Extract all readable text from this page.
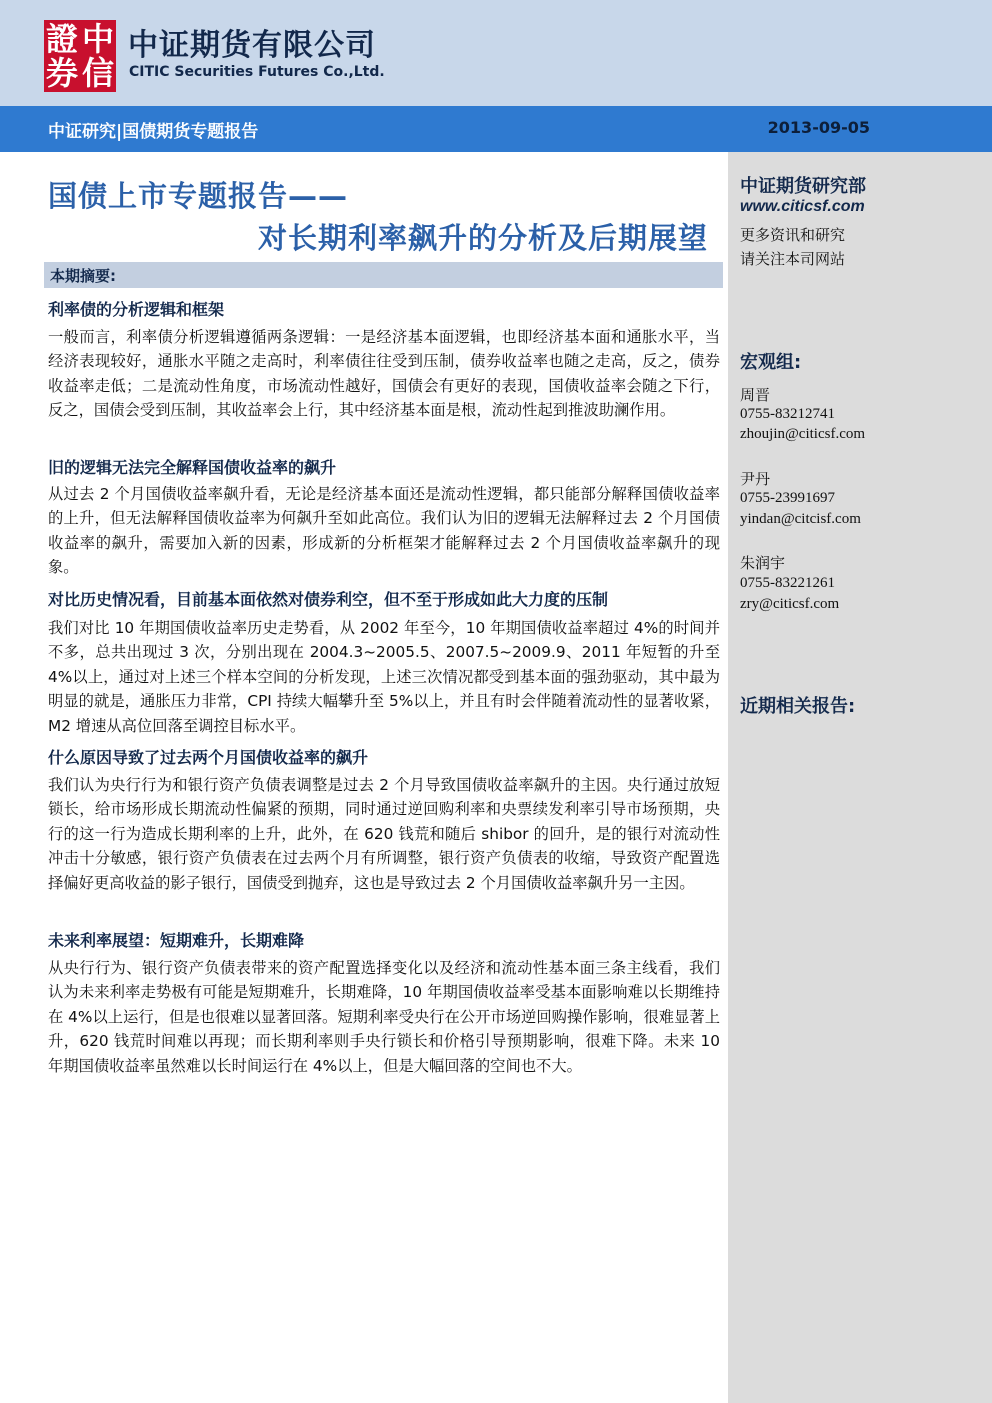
證 中
券 信
中证期货有限公司
CITIC Securities Futures Co.,Ltd.
中证研究|国债期货专题报告	2013-09-05
中证期货研究部
www.citicsf.com
更多资讯和研究
请关注本司网站
宏观组:
周晋
0755-83212741
zhoujin@citicsf.com
尹丹
0755-23991697
yindan@citcisf.com
朱润宇
0755-83221261
zry@citicsf.com
近期相关报告:
国债上市专题报告——
对长期利率飙升的分析及后期展望
本期摘要:
利率债的分析逻辑和框架
一般而言，利率债分析逻辑遵循两条逻辑：一是经济基本面逻辑，也即经济基本面和通胀水平，当经济表现较好，通胀水平随之走高时，利率债往往受到压制，债券收益率也随之走高，反之，债券收益率走低；二是流动性角度，市场流动性越好，国债会有更好的表现，国债收益率会随之下行，反之，国债会受到压制，其收益率会上行，其中经济基本面是根，流动性起到推波助澜作用。
旧的逻辑无法完全解释国债收益率的飙升
从过去 2 个月国债收益率飙升看，无论是经济基本面还是流动性逻辑，都只能部分解释国债收益率的上升，但无法解释国债收益率为何飙升至如此高位。我们认为旧的逻辑无法解释过去 2 个月国债收益率的飙升，需要加入新的因素，形成新的分析框架才能解释过去 2 个月国债收益率飙升的现象。
对比历史情况看，目前基本面依然对债券利空，但不至于形成如此大力度的压制
我们对比 10 年期国债收益率历史走势看，从 2002 年至今，10 年期国债收益率超过 4%的时间并不多，总共出现过 3 次，分别出现在 2004.3~2005.5、2007.5~2009.9、2011 年短暂的升至 4%以上，通过对上述三个样本空间的分析发现，上述三次情况都受到基本面的强劲驱动，其中最为明显的就是，通胀压力非常，CPI 持续大幅攀升至 5%以上，并且有时会伴随着流动性的显著收紧，M2 增速从高位回落至调控目标水平。
什么原因导致了过去两个月国债收益率的飙升
我们认为央行行为和银行资产负债表调整是过去 2 个月导致国债收益率飙升的主因。央行通过放短锁长，给市场形成长期流动性偏紧的预期，同时通过逆回购利率和央票续发利率引导市场预期，央行的这一行为造成长期利率的上升，此外，在 620 钱荒和随后 shibor 的回升，是的银行对流动性冲击十分敏感，银行资产负债表在过去两个月有所调整，银行资产负债表的收缩，导致资产配置选择偏好更高收益的影子银行，国债受到抛弃，这也是导致过去 2 个月国债收益率飙升另一主因。
未来利率展望：短期难升，长期难降
从央行行为、银行资产负债表带来的资产配置选择变化以及经济和流动性基本面三条主线看，我们认为未来利率走势极有可能是短期难升，长期难降，10 年期国债收益率受基本面影响难以长期维持在 4%以上运行，但是也很难以显著回落。短期利率受央行在公开市场逆回购操作影响，很难显著上升，620 钱荒时间难以再现；而长期利率则手央行锁长和价格引导预期影响，很难下降。未来 10 年期国债收益率虽然难以长时间运行在 4%以上，但是大幅回落的空间也不大。
